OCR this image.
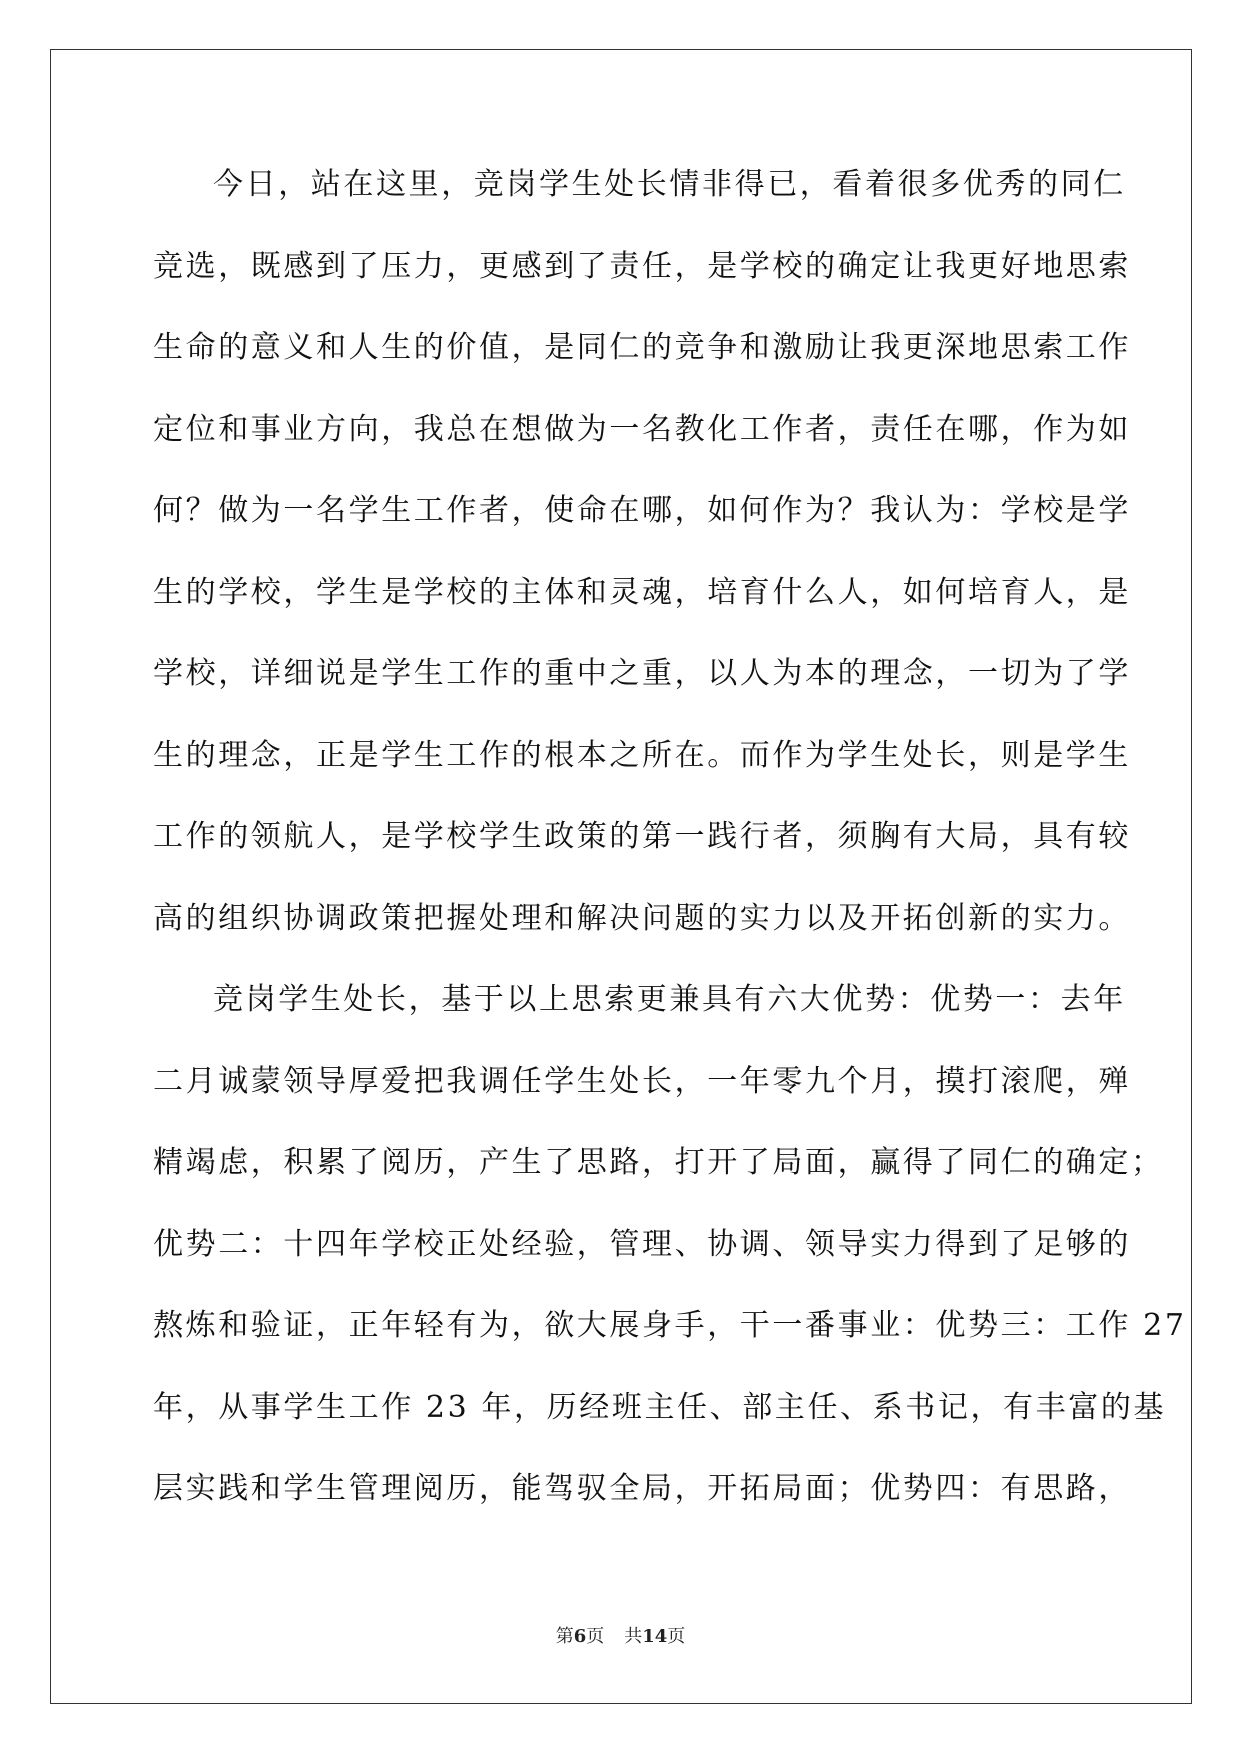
今日，站在这里，竞岗学生处长情非得已，看着很多优秀的同仁
竞选，既感到了压力，更感到了责任，是学校的确定让我更好地思索
生命的意义和人生的价值，是同仁的竞争和激励让我更深地思索工作
定位和事业方向，我总在想做为一名教化工作者，责任在哪，作为如
何？做为一名学生工作者，使命在哪，如何作为？我认为：学校是学
生的学校，学生是学校的主体和灵魂，培育什么人，如何培育人，是
学校，详细说是学生工作的重中之重，以人为本的理念，一切为了学
生的理念，正是学生工作的根本之所在。而作为学生处长，则是学生
工作的领航人，是学校学生政策的第一践行者，须胸有大局，具有较
高的组织协调政策把握处理和解决问题的实力以及开拓创新的实力。
竞岗学生处长，基于以上思索更兼具有六大优势：优势一：去年
二月诚蒙领导厚爱把我调任学生处长，一年零九个月，摸打滚爬，殚
精竭虑，积累了阅历，产生了思路，打开了局面，赢得了同仁的确定；
优势二：十四年学校正处经验，管理、协调、领导实力得到了足够的
熬炼和验证，正年轻有为，欲大展身手，干一番事业：优势三：工作 27
年，从事学生工作 23 年，历经班主任、部主任、系书记，有丰富的基
层实践和学生管理阅历，能驾驭全局，开拓局面；优势四：有思路，
第6页 共14页
